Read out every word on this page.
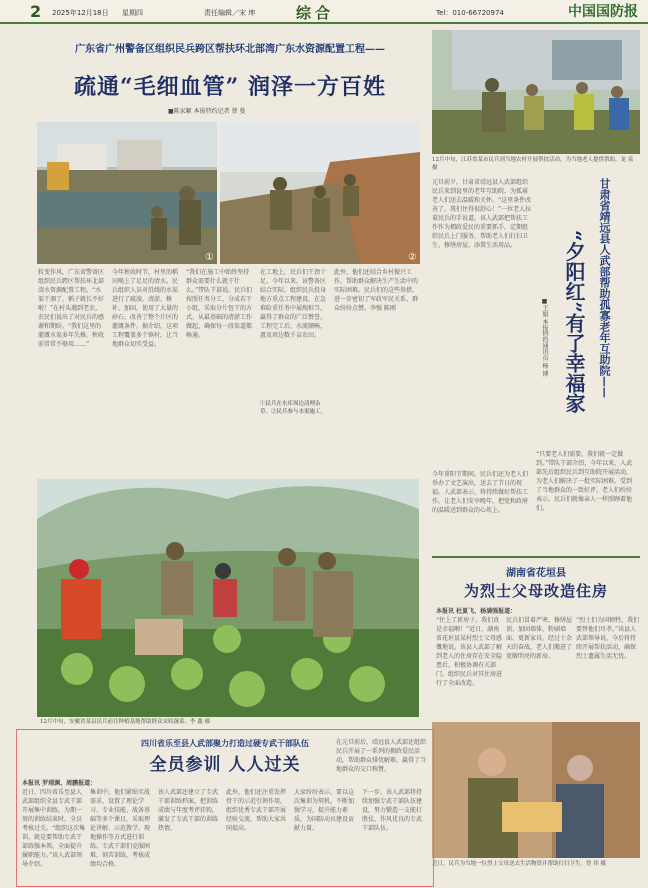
2 2025年12月18日 星期四	责任编辑／宋 坤	综合	Tel：010-66720974	中国国防报
广东省广州警备区组织民兵跨区帮扶环北部湾广东水资源配置工程——
疏通“毛细血管” 润泽一方百姓
■陈家颖 本报特约记者 蔡 曼
①	②
转变作风，广东省警备区组织民兵跨区帮扶环北部湾水资源配置工程。“水渠干涸了，稻子就长不好啦！”在村头遇到老农，农民们说出了对民兵的感谢和期盼。“我们这里的灌溉水渠多年失修，秋收前常常不够用……”
今年秋收时节，村里的稻田喝上了足足的清水。民兵组织人员对沿线的水渠进行了疏浚，清淤、修补、加固，使用了大量的砂石，改善了整个片区的灌溉条件。据介绍，这项工程覆盖多个镇村，让当地群众切实受益。
“我们在施工中始终坚持群众需要什么就干什么。”带队干部说。民兵们按照任务分工，分成若干小组，采取分片包干的方式，从最基础的清淤工作做起，确保每一段渠道都畅通。
在工地上，民兵们干劲十足。今年以来，该警备区结合实际，组织民兵投身地方重点工程建设，在急难险重任务中展现担当，赢得了群众的广泛赞誉。工程完工后，水流顺畅，惠及周边数千亩农田。
①民兵在水库周边清理杂草。②民兵参与水渠施工。
此外，他们还结合乡村振兴工作，帮助群众解决生产生活中的实际困难。民兵们的这些举措，进一步密切了军政军民关系，群众纷纷点赞。李强 陈刚
12月中旬，江苏省某市民兵到当地农村开展帮扶活动，为当地老人提供帮助。龙 泉 摄
元旦前夕，甘肃省靖远县人武部组织民兵来到县里的老年互助院，为孤寡老人们送去温暖和关怀。“这里条件改善了，我们住得很舒心！”一位老人拉着民兵的手说道。该人武部把帮扶工作作为拥政爱民的重要抓手，定期组织民兵上门服务，帮助老人们打扫卫生、修缮房屋、添置生活用品。
今年重阳节期间，民兵们还为老人们举办了文艺演出，送去了节日的祝福。人武部表示，将持续做好帮扶工作，让老人们安享晚年，把党和政府的温暖送到群众的心坎上。
“只要老人们需要，我们就一定做到。”带队干部介绍，今年以来，人武部先后组织民兵到互助院开展活动，为老人们解决了一批实际困难，受到了当地群众的一致好评。老人们纷纷表示，民兵们就像亲人一样照顾着他们。
甘肃省靖远县人武部帮助孤寡老年互助院——
“夕阳红”有了幸福家
■王娟 本报特约通讯员 杨 博
12月中旬，安徽省某县民兵前往种植基地帮助群众采收蔬菜。李 鑫 摄
湖南省花垣县
为烈士父母改造住房
本报讯 杜夏飞、杨满强报道：
“住上了新房子，我们真是幸福啊！”近日，湖南省花垣县某村烈士父母感慨地说。该县人武部了解到老人的住房存在安全隐患后，积极协调有关部门，组织民兵对其住房进行了全面改造。
民兵们冒着严寒，修缮屋顶、加固墙体、粉刷墙面、更新家具，经过十余天的奋战，老人们搬进了宽敞明亮的新房。
“烈士们为国牺牲，我们要替他们尽孝。”该县人武部领导说，今后将持续开展帮扶活动，确保烈士遗属生活无忧。
近日，民兵为当地一位烈士父母送去生活物资并帮助打扫卫生。曾 伟 摄
四川省乐至县人武部聚力打造过硬专武干部队伍
全员参训 人人过关
本报讯 罗靖渊、周鹏报道：
近日，四川省乐至县人武部组织全县专武干部开展集中训练，为期一周的训练结束时，全员考核过关。“组织这次集训，就是要帮助专武干部练强本领，全面提升履职能力。”该人武部领导介绍。
集训中，他们紧贴实战需求，设置了理论学习、专业技能、战备基础等多个课目，采取理论讲解、示范教学、现地操作等方式进行训练。专武干部们克服困难，刻苦训练，考核成绩均合格。
该人武部还建立了专武干部训练档案，把训练成绩与年度考评挂钩，激发了专武干部的训练热情。
此外，他们还注重发挥骨干的示范引领作用，组织优秀专武干部开展经验交流，帮助大家共同提高。
大家纷纷表示，要以这次集训为契机，不断加强学习，提升能力素质，为国防动员建设贡献力量。
下一步，该人武部将持续加强专武干部队伍建设，努力锻造一支能打胜仗、作风优良的专武干部队伍。
在元旦前后，靖远县人武部还组织民兵开展了一系列的拥政爱民活动，帮助群众排忧解难，赢得了当地群众的交口称赞。
